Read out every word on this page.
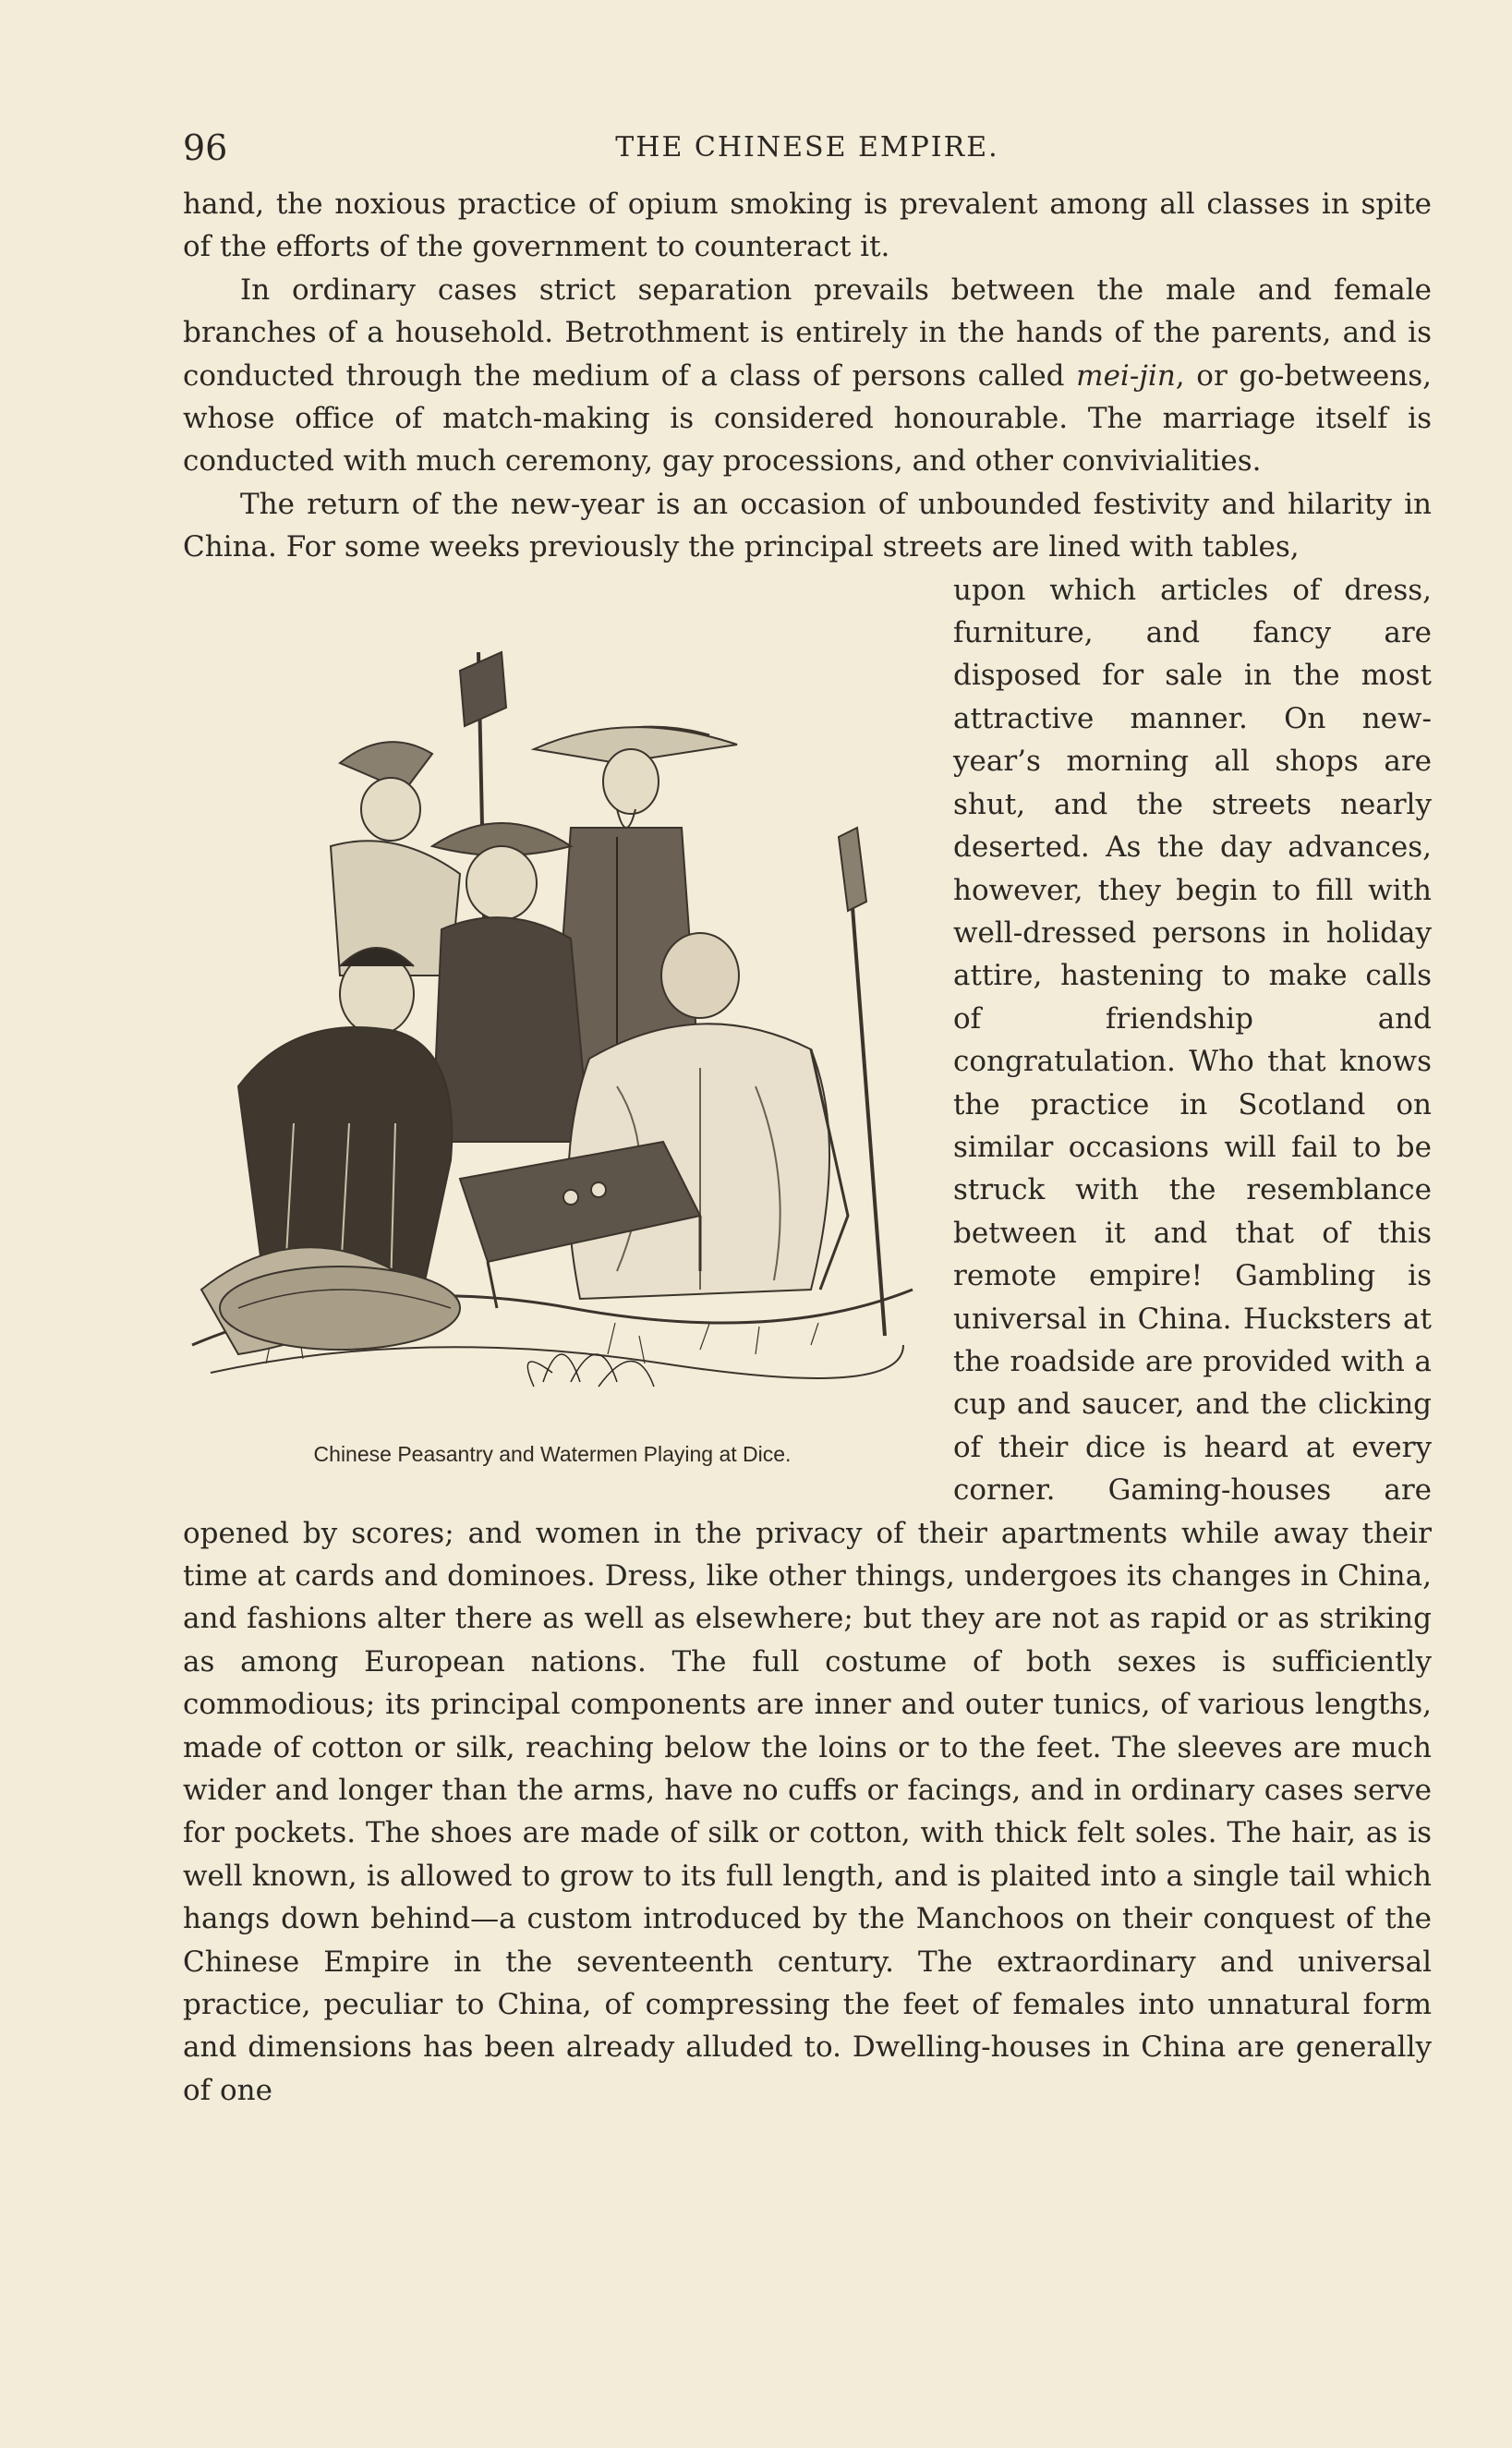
96	THE CHINESE EMPIRE.

hand, the noxious practice of opium smoking is prevalent among all classes in spite of the efforts of the government to counteract it.

In ordinary cases strict separation prevails between the male and female branches of a household. Betrothment is entirely in the hands of the parents, and is conducted through the medium of a class of persons called mei-jin, or go-betweens, whose office of match-making is considered honourable. The marriage itself is conducted with much ceremony, gay processions, and other convivialities.

The return of the new-year is an occasion of unbounded festivity and hilarity in China. For some weeks previously the principal streets are lined with tables,

Chinese Peasantry and Watermen Playing at Dice.

upon which articles of dress, furniture, and fancy are disposed for sale in the most attractive manner. On new-year’s morning all shops are shut, and the streets nearly deserted. As the day advances, however, they begin to fill with well-dressed persons in holiday attire, hastening to make calls of friendship and congratulation. Who that knows the practice in Scotland on similar occasions will fail to be struck with the resemblance between it and that of this remote empire! Gambling is universal in China. Hucksters at the roadside are provided with a cup and saucer, and the clicking of their dice is heard at every corner. Gaming-houses are opened by scores; and women in the privacy of their apartments while away their time at cards and dominoes. Dress, like other things, undergoes its changes in China, and fashions alter there as well as elsewhere; but they are not as rapid or as striking as among European nations. The full costume of both sexes is sufficiently commodious; its principal components are inner and outer tunics, of various lengths, made of cotton or silk, reaching below the loins or to the feet. The sleeves are much wider and longer than the arms, have no cuffs or facings, and in ordinary cases serve for pockets. The shoes are made of silk or cotton, with thick felt soles. The hair, as is well known, is allowed to grow to its full length, and is plaited into a single tail which hangs down behind—a custom introduced by the Manchoos on their conquest of the Chinese Empire in the seventeenth century. The extraordinary and universal practice, peculiar to China, of compressing the feet of females into unnatural form and dimensions has been already alluded to. Dwelling-houses in China are generally of one
